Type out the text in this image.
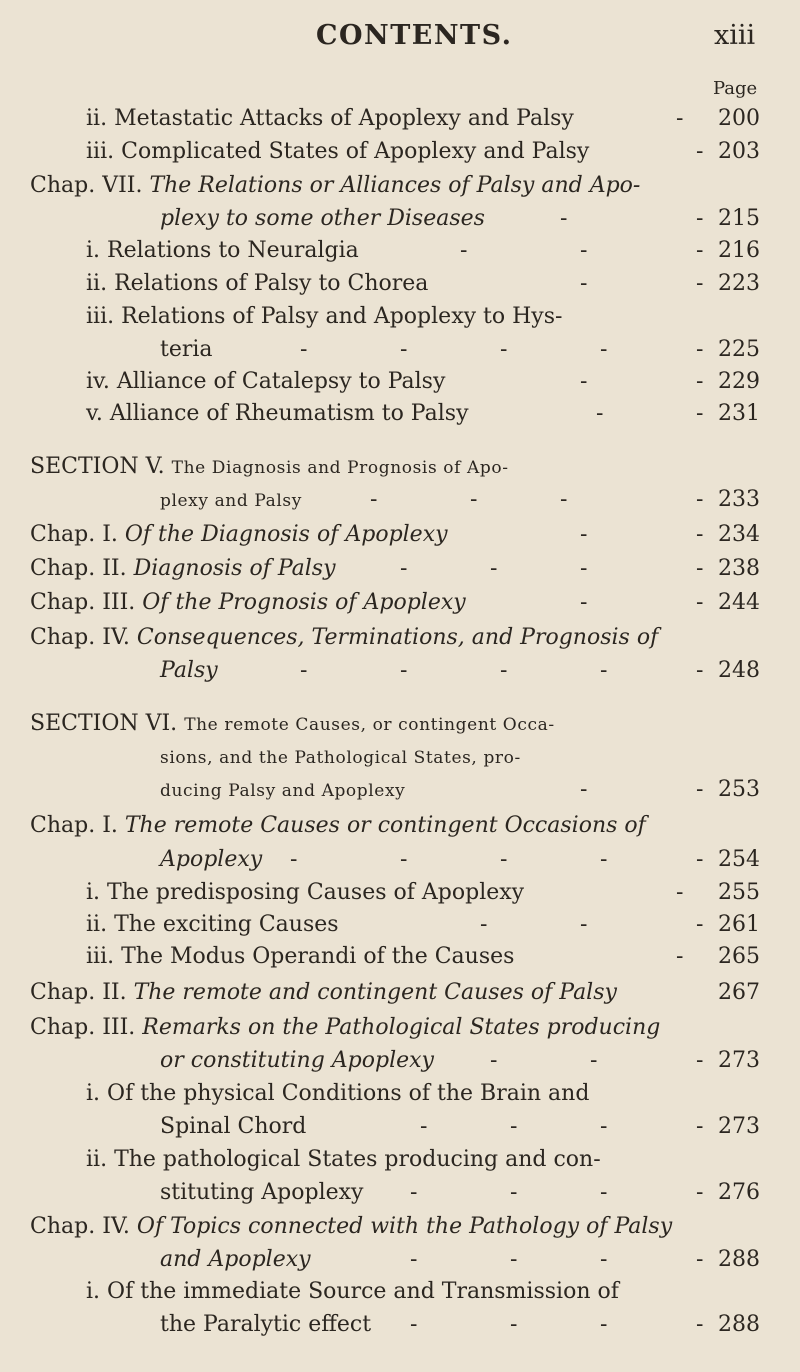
CONTENTS.	xiii
Page
ii. Metastatic Attacks of Apoplexy and Palsy	- 200
iii. Complicated States of Apoplexy and Palsy	- 203
Chap. VII. The Relations or Alliances of Palsy and Apo-
plexy to some other Diseases	-	- 215
i. Relations to Neuralgia	-	-	- 216
ii. Relations of Palsy to Chorea	-	- 223
iii. Relations of Palsy and Apoplexy to Hys-
teria	-	-	-	-	- 225
iv. Alliance of Catalepsy to Palsy	-	- 229
v. Alliance of Rheumatism to Palsy	-	- 231
SECTION V. The Diagnosis and Prognosis of Apo-
plexy and Palsy	-	-	-	- 233
Chap. I. Of the Diagnosis of Apoplexy	-	- 234
Chap. II. Diagnosis of Palsy	-	-	-	- 238
Chap. III. Of the Prognosis of Apoplexy	-	- 244
Chap. IV. Consequences, Terminations, and Prognosis of
Palsy	-	-	-	-	- 248
SECTION VI. The remote Causes, or contingent Occa-
sions, and the Pathological States, pro-
ducing Palsy and Apoplexy	-	- 253
Chap. I. The remote Causes or contingent Occasions of
Apoplexy -	-	-	-	- 254
i. The predisposing Causes of Apoplexy	- 255
ii. The exciting Causes	-	-	- 261
iii. The Modus Operandi of the Causes	- 265
Chap. II. The remote and contingent Causes of Palsy	267
Chap. III. Remarks on the Pathological States producing
or constituting Apoplexy	-	-	- 273
i. Of the physical Conditions of the Brain and
Spinal Chord	-	-	-	- 273
ii. The pathological States producing and con-
stituting Apoplexy -	-	-	- 276
Chap. IV. Of Topics connected with the Pathology of Palsy
and Apoplexy	-	-	-	- 288
i. Of the immediate Source and Transmission of
the Paralytic effect -	-	-	- 288
